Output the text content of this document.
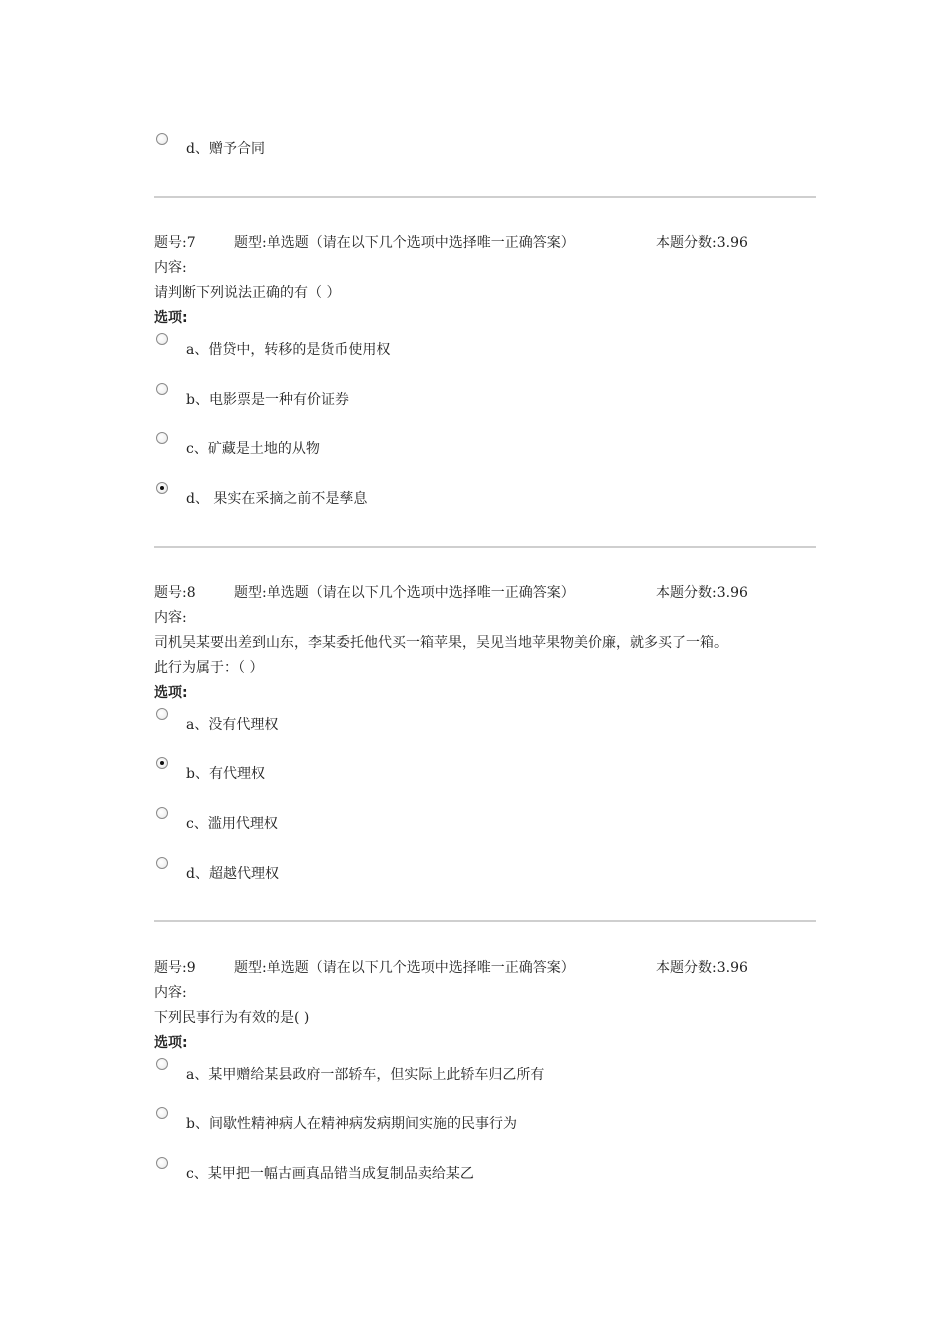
d、赠予合同
题号:7	题型:单选题（请在以下几个选项中选择唯一正确答案）	本题分数:3.96
内容:
请判断下列说法正确的有（ ）
选项:
a、借贷中，转移的是货币使用权
b、电影票是一种有价证券
c、矿藏是土地的从物
d、 果实在采摘之前不是孳息
题号:8	题型:单选题（请在以下几个选项中选择唯一正确答案）	本题分数:3.96
内容:
司机吴某要出差到山东，李某委托他代买一箱苹果，吴见当地苹果物美价廉，就多买了一箱。
此行为属于：（ ）
选项:
a、没有代理权
b、有代理权
c、滥用代理权
d、超越代理权
题号:9	题型:单选题（请在以下几个选项中选择唯一正确答案）	本题分数:3.96
内容:
下列民事行为有效的是( )
选项:
a、某甲赠给某县政府一部轿车，但实际上此轿车归乙所有
b、间歇性精神病人在精神病发病期间实施的民事行为
c、某甲把一幅古画真品错当成复制品卖给某乙
